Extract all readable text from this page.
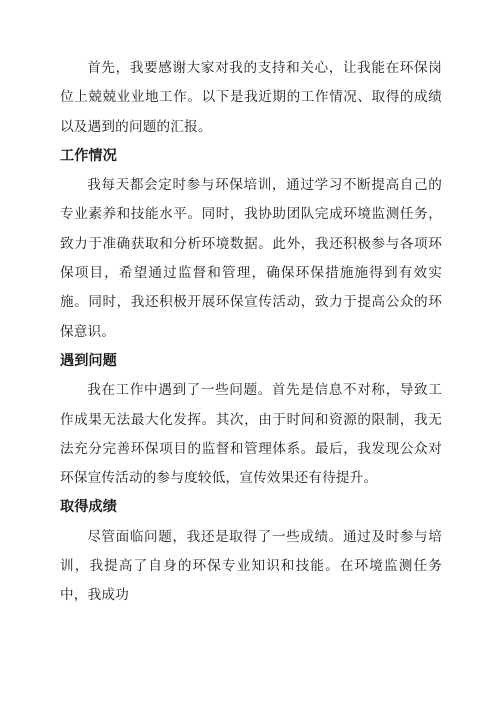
首先，我要感谢大家对我的支持和关心，让我能在环保岗位上兢兢业业地工作。以下是我近期的工作情况、取得的成绩以及遇到的问题的汇报。

工作情况

我每天都会定时参与环保培训，通过学习不断提高自己的专业素养和技能水平。同时，我协助团队完成环境监测任务，致力于准确获取和分析环境数据。此外，我还积极参与各项环保项目，希望通过监督和管理，确保环保措施施得到有效实施。同时，我还积极开展环保宣传活动，致力于提高公众的环保意识。

遇到问题

我在工作中遇到了一些问题。首先是信息不对称，导致工作成果无法最大化发挥。其次，由于时间和资源的限制，我无法充分完善环保项目的监督和管理体系。最后，我发现公众对环保宣传活动的参与度较低，宣传效果还有待提升。

取得成绩

尽管面临问题，我还是取得了一些成绩。通过及时参与培训，我提高了自身的环保专业知识和技能。在环境监测任务中，我成功
